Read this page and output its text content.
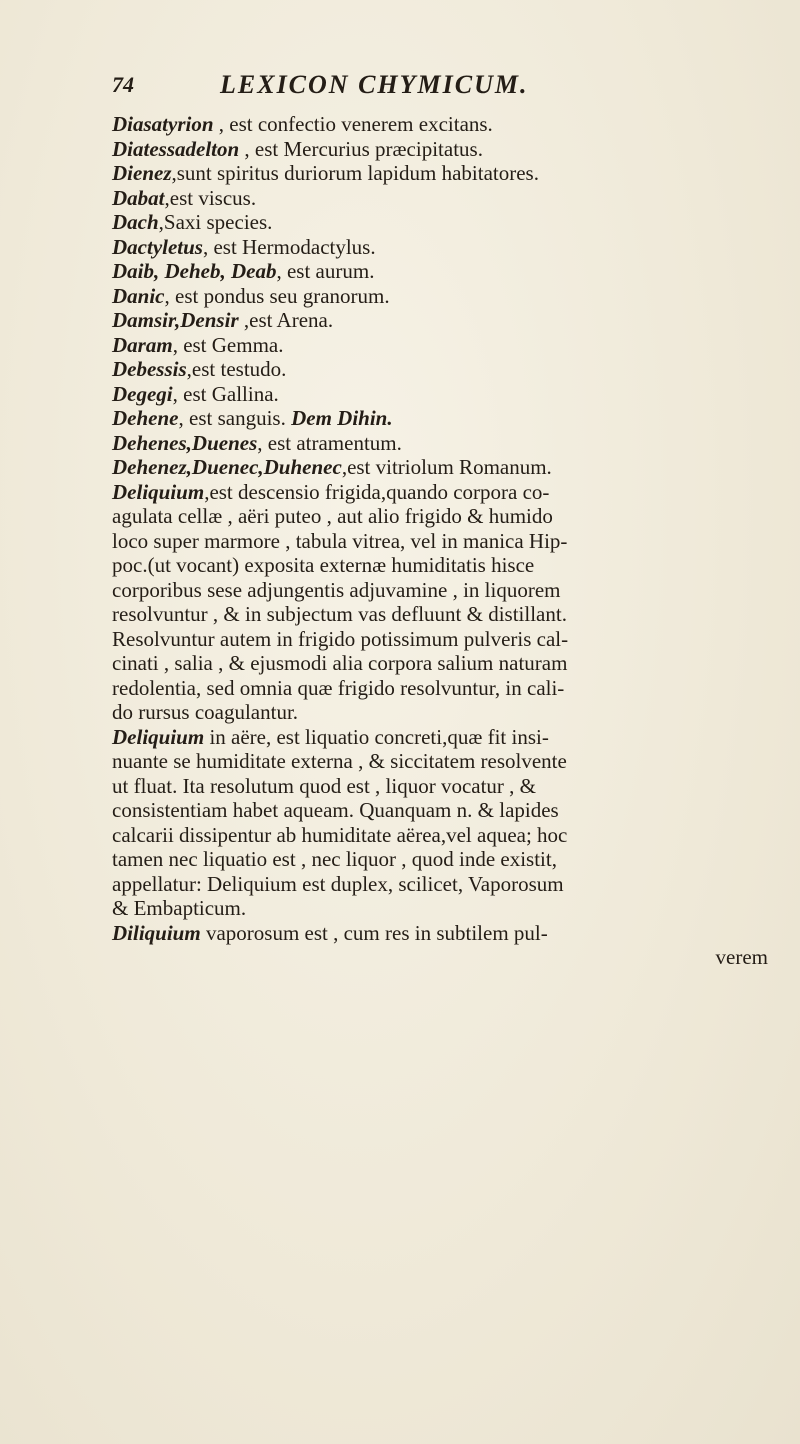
74	LEXICON CHYMICUM.
Diasatyrion , est confectio venerem excitans.
Diatessadelton , est Mercurius præcipitatus.
Dienez,sunt spiritus duriorum lapidum habitatores.
Dabat,est viscus.
Dach,Saxi species.
Dactyletus, est Hermodactylus.
Daib, Deheb, Deab, est aurum.
Danic, est pondus seu granorum.
Damsir,Densir ,est Arena.
Daram, est Gemma.
Debessis,est testudo.
Degegi, est Gallina.
Dehene, est sanguis. Dem Dihin.
Dehenes,Duenes, est atramentum.
Dehenez,Duenec,Duhenec,est vitriolum Romanum.

Deliquium,est descensio frigida,quando corpora co-
agulata cellæ , aëri puteo , aut alio frigido & humido
loco super marmore , tabula vitrea, vel in manica Hip-
poc.(ut vocant) exposita externæ humiditatis hisce
corporibus sese adjungentis adjuvamine , in liquorem
resolvuntur , & in subjectum vas defluunt & distillant.
Resolvuntur autem in frigido potissimum pulveris cal-
cinati , salia , & ejusmodi alia corpora salium naturam
redolentia, sed omnia quæ frigido resolvuntur, in cali-
do rursus coagulantur.

Deliquium in aëre, est liquatio concreti,quæ fit insi-
nuante se humiditate externa , & siccitatem resolvente
ut fluat. Ita resolutum quod est , liquor vocatur , &
consistentiam habet aqueam. Quanquam n. & lapides
calcarii dissipentur ab humiditate aërea,vel aquea; hoc
tamen nec liquatio est , nec liquor , quod inde existit,
appellatur: Deliquium est duplex, scilicet, Vaporosum
& Embapticum.

Diliquium vaporosum est , cum res in subtilem pul-
verem
